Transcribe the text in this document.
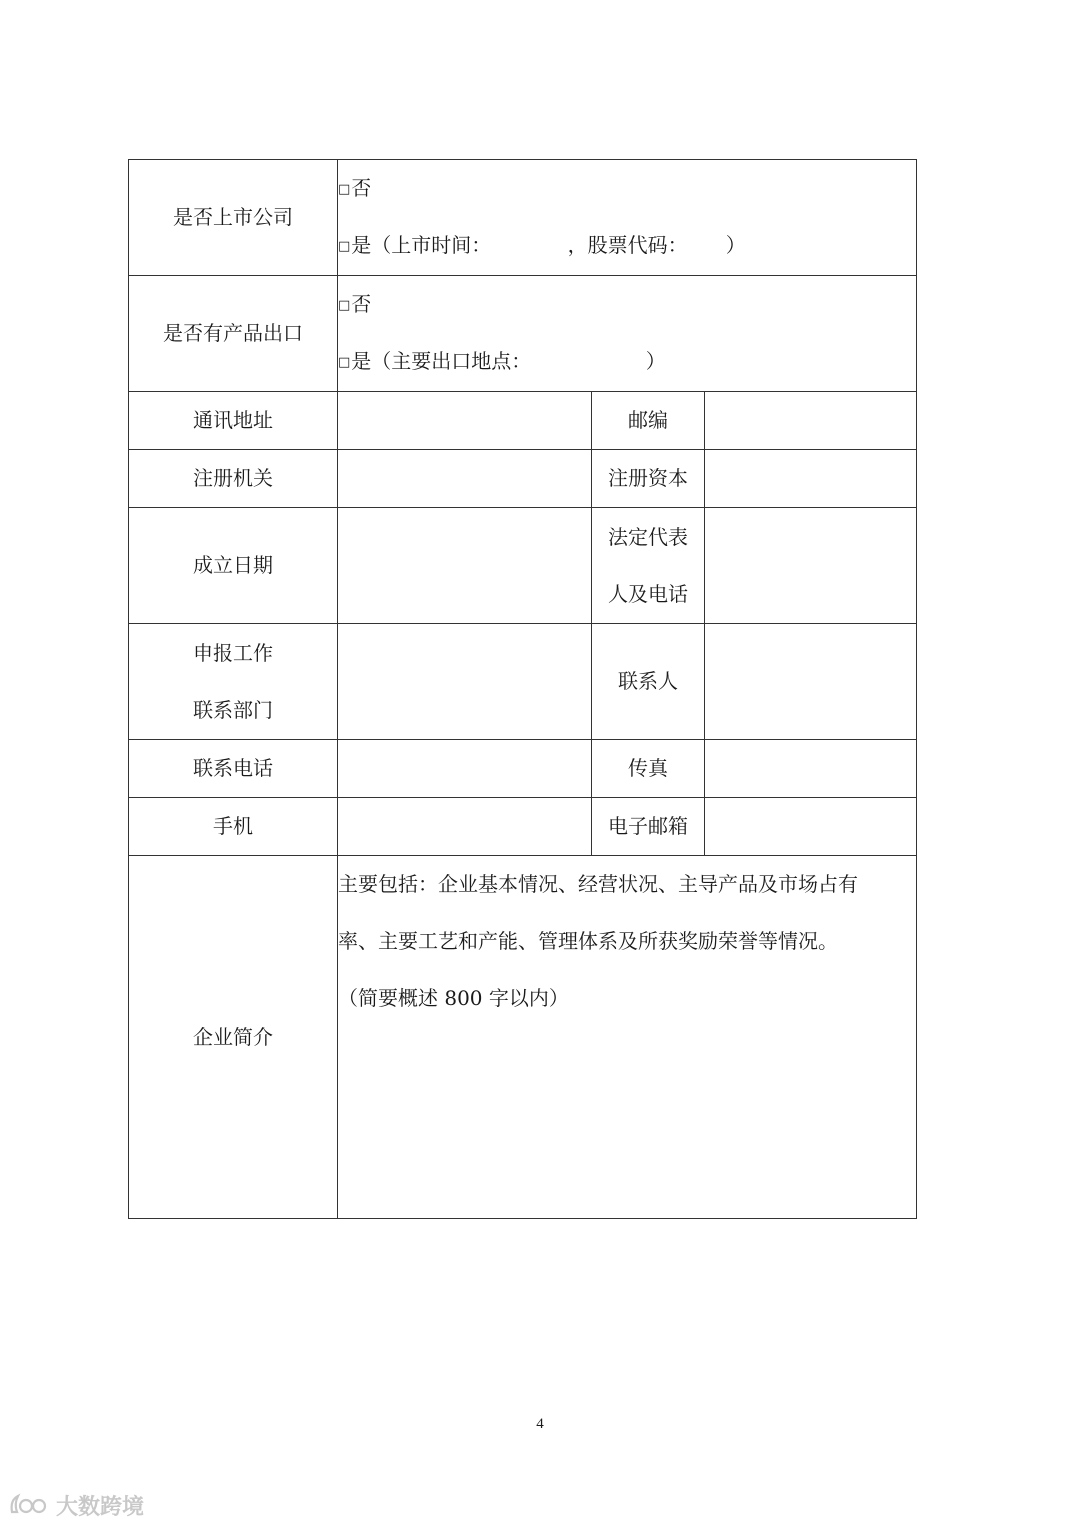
是否上市公司	□否
□是（上市时间：            ，股票代码：      ）		

是否有产品出口	□否
□是（主要出口地点：                  ）		

通讯地址		邮编	
注册机关		注册资本	
成立日期		法定代表
人及电话	

申报工作
联系部门		联系人	
联系电话		传真	
手机		电子邮箱	
企业简介	主要包括：企业基本情况、经营状况、主导产品及市场占有
率、主要工艺和产能、管理体系及所获奖励荣誉等情况。
（简要概述 800 字以内）		
4
大数跨境
